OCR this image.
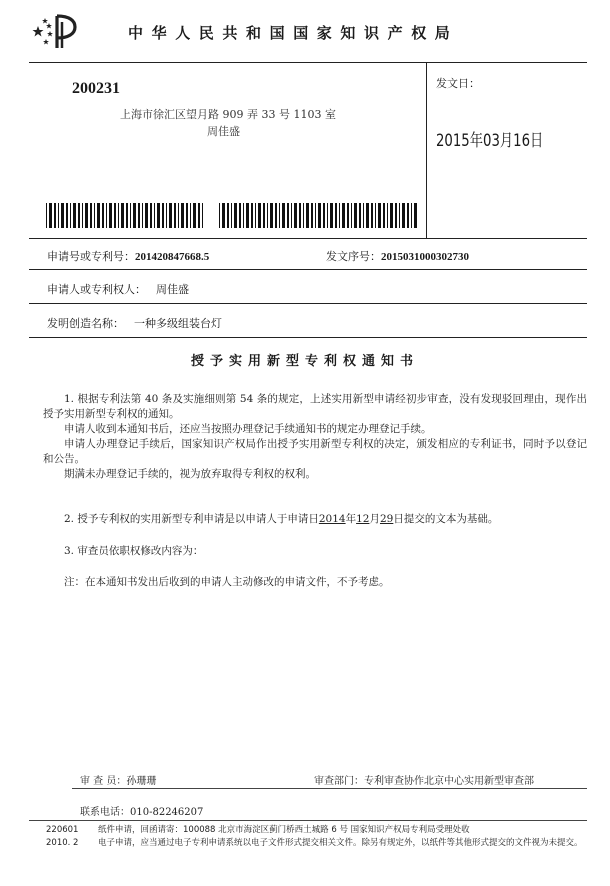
中华人民共和国国家知识产权局
200231
上海市徐汇区望月路 909 弄 33 号 1103 室
周佳盛
发文日：
2015年03月16日
申请号或专利号：201420847668.5	发文序号：2015031000302730
申请人或专利权人： 周佳盛
发明创造名称： 一种多级组装台灯
授予实用新型专利权通知书

1. 根据专利法第 40 条及实施细则第 54 条的规定，上述实用新型申请经初步审查，没有发现驳回理由，现作出授予实用新型专利权的通知。

申请人收到本通知书后，还应当按照办理登记手续通知书的规定办理登记手续。

申请人办理登记手续后，国家知识产权局作出授予实用新型专利权的决定，颁发相应的专利证书，同时予以登记和公告。

期满未办理登记手续的，视为放弃取得专利权的权利。

2. 授予专利权的实用新型专利申请是以申请人于申请日2014年12月29日提交的文本为基础。
3. 审查员依职权修改内容为：
注：在本通知书发出后收到的申请人主动修改的申请文件，不予考虑。
审 查 员：孙珊珊	审查部门：专利审查协作北京中心实用新型审查部
联系电话：010-82246207
220601
2010. 2
纸件申请，回函请寄：100088 北京市海淀区蓟门桥西土城路 6 号 国家知识产权局专利局受理处收
电子申请，应当通过电子专利申请系统以电子文件形式提交相关文件。除另有规定外，以纸件等其他形式提交的文件视为未提交。
